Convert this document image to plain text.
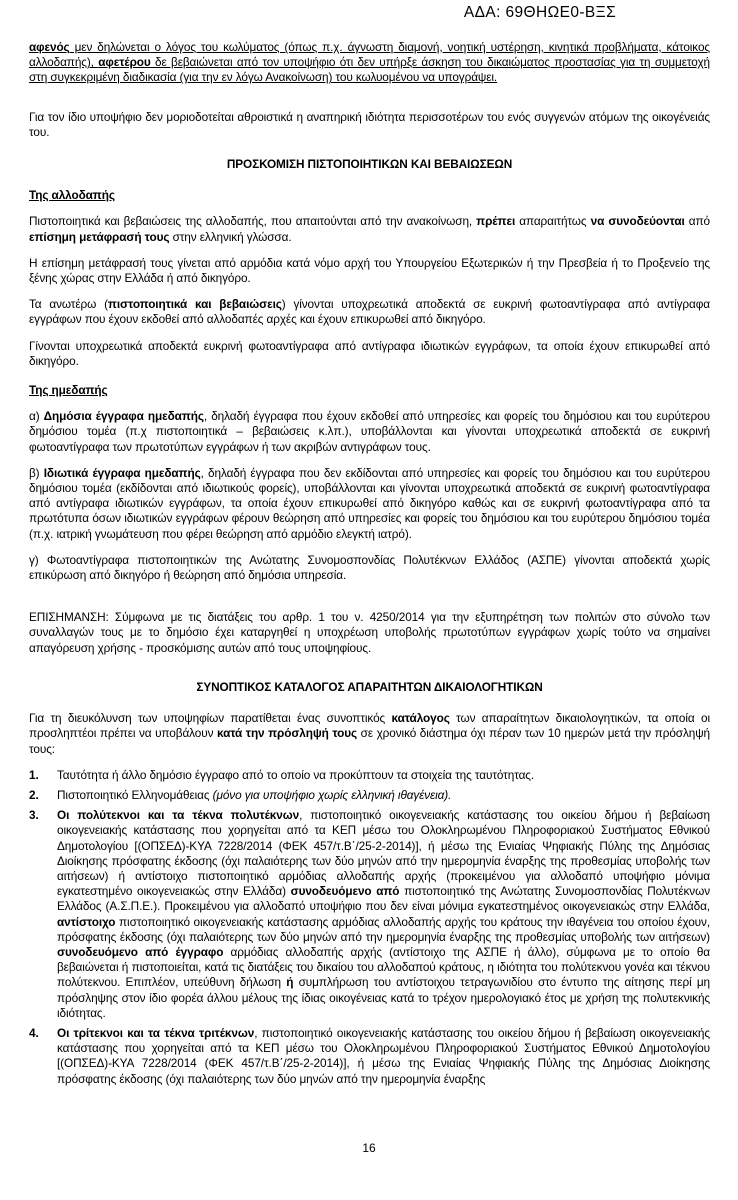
ΑΔΑ: 69ΘΗΩΕ0-ΒΞΣ
αφενός μεν δηλώνεται ο λόγος του κωλύματος (όπως π.χ. άγνωστη διαμονή, νοητική υστέρηση, κινητικά προβλήματα, κάτοικος αλλοδαπής), αφετέρου δε βεβαιώνεται από τον υποψήφιο ότι δεν υπήρξε άσκηση του δικαιώματος προστασίας για τη συμμετοχή στη συγκεκριμένη διαδικασία (για την εν λόγω Ανακοίνωση) του κωλυομένου να υπογράψει.
Για τον ίδιο υποψήφιο δεν μοριοδοτείται αθροιστικά η αναπηρική ιδιότητα περισσοτέρων του ενός συγγενών ατόμων της οικογένειάς του.
ΠΡΟΣΚΟΜΙΣΗ ΠΙΣΤΟΠΟΙΗΤΙΚΩΝ ΚΑΙ ΒΕΒΑΙΩΣΕΩΝ
Της αλλοδαπής
Πιστοποιητικά και βεβαιώσεις της αλλοδαπής, που απαιτούνται από την ανακοίνωση, πρέπει απαραιτήτως να συνοδεύονται από επίσημη μετάφρασή τους στην ελληνική γλώσσα.
Η επίσημη μετάφρασή τους γίνεται από αρμόδια κατά νόμο αρχή του Υπουργείου Εξωτερικών ή την Πρεσβεία ή το Προξενείο της ξένης χώρας στην Ελλάδα ή από δικηγόρο.
Τα ανωτέρω (πιστοποιητικά και βεβαιώσεις) γίνονται υποχρεωτικά αποδεκτά σε ευκρινή φωτοαντίγραφα από αντίγραφα εγγράφων που έχουν εκδοθεί από αλλοδαπές αρχές και έχουν επικυρωθεί από δικηγόρο.
Γίνονται υποχρεωτικά αποδεκτά ευκρινή φωτοαντίγραφα από αντίγραφα ιδιωτικών εγγράφων, τα οποία έχουν επικυρωθεί από δικηγόρο.
Της ημεδαπής
α) Δημόσια έγγραφα ημεδαπής, δηλαδή έγγραφα που έχουν εκδοθεί από υπηρεσίες και φορείς του δημόσιου και του ευρύτερου δημόσιου τομέα (π.χ πιστοποιητικά – βεβαιώσεις κ.λπ.), υποβάλλονται και γίνονται υποχρεωτικά αποδεκτά σε ευκρινή φωτοαντίγραφα των πρωτοτύπων εγγράφων ή των ακριβών αντιγράφων τους.
β) Ιδιωτικά έγγραφα ημεδαπής, δηλαδή έγγραφα που δεν εκδίδονται από υπηρεσίες και φορείς του δημόσιου και του ευρύτερου δημόσιου τομέα (εκδίδονται από ιδιωτικούς φορείς), υποβάλλονται και γίνονται υποχρεωτικά αποδεκτά σε ευκρινή φωτοαντίγραφα από αντίγραφα ιδιωτικών εγγράφων, τα οποία έχουν επικυρωθεί από δικηγόρο καθώς και σε ευκρινή φωτοαντίγραφα από τα πρωτότυπα όσων ιδιωτικών εγγράφων φέρουν θεώρηση από υπηρεσίες και φορείς του δημόσιου και του ευρύτερου δημόσιου τομέα (π.χ. ιατρική γνωμάτευση που φέρει θεώρηση από αρμόδιο ελεγκτή ιατρό).
γ) Φωτοαντίγραφα πιστοποιητικών της Ανώτατης Συνομοσπονδίας Πολυτέκνων Ελλάδος (ΑΣΠΕ) γίνονται αποδεκτά χωρίς επικύρωση από δικηγόρο ή θεώρηση από δημόσια υπηρεσία.
ΕΠΙΣΗΜΑΝΣΗ: Σύμφωνα με τις διατάξεις του αρθρ. 1 του ν. 4250/2014 για την εξυπηρέτηση των πολιτών στο σύνολο των συναλλαγών τους με το δημόσιο έχει καταργηθεί η υποχρέωση υποβολής πρωτοτύπων εγγράφων χωρίς τούτο να σημαίνει απαγόρευση χρήσης - προσκόμισης αυτών από τους υποψηφίους.
ΣΥΝΟΠΤΙΚΟΣ ΚΑΤΑΛΟΓΟΣ ΑΠΑΡΑΙΤΗΤΩΝ ΔΙΚΑΙΟΛΟΓΗΤΙΚΩΝ
Για τη διευκόλυνση των υποψηφίων παρατίθεται ένας συνοπτικός κατάλογος των απαραίτητων δικαιολογητικών, τα οποία οι προσληπτέοι πρέπει να υποβάλουν κατά την πρόσληψή τους σε χρονικό διάστημα όχι πέραν των 10 ημερών μετά την πρόσληψή τους:
1.	Ταυτότητα ή άλλο δημόσιο έγγραφο από το οποίο να προκύπτουν τα στοιχεία της ταυτότητας.
2.	Πιστοποιητικό Ελληνομάθειας (μόνο για υποψήφιο χωρίς ελληνική ιθαγένεια).
3.	Οι πολύτεκνοι και τα τέκνα πολυτέκνων, πιστοποιητικό οικογενειακής κατάστασης του οικείου δήμου ή βεβαίωση οικογενειακής κατάστασης που χορηγείται από τα ΚΕΠ μέσω του Ολοκληρωμένου Πληροφοριακού Συστήματος Εθνικού Δημοτολογίου [(ΟΠΣΕΔ)-ΚΥΑ 7228/2014 (ΦΕΚ 457/τ.Β΄/25-2-2014)], ή μέσω της Ενιαίας Ψηφιακής Πύλης της Δημόσιας Διοίκησης πρόσφατης έκδοσης (όχι παλαιότερης των δύο μηνών από την ημερομηνία έναρξης της προθεσμίας υποβολής των αιτήσεων) ή αντίστοιχο πιστοποιητικό αρμόδιας αλλοδαπής αρχής (προκειμένου για αλλοδαπό υποψήφιο μόνιμα εγκατεστημένο οικογενειακώς στην Ελλάδα) συνοδευόμενο από πιστοποιητικό της Ανώτατης Συνομοσπονδίας Πολυτέκνων Ελλάδος (Α.Σ.Π.Ε.). Προκειμένου για αλλοδαπό υποψήφιο που δεν είναι μόνιμα εγκατεστημένος οικογενειακώς στην Ελλάδα, αντίστοιχο πιστοποιητικό οικογενειακής κατάστασης αρμόδιας αλλοδαπής αρχής του κράτους την ιθαγένεια του οποίου έχουν, πρόσφατης έκδοσης (όχι παλαιότερης των δύο μηνών από την ημερομηνία έναρξης της προθεσμίας υποβολής των αιτήσεων) συνοδευόμενο από έγγραφο αρμόδιας αλλοδαπής αρχής (αντίστοιχο της ΑΣΠΕ ή άλλο), σύμφωνα με το οποίο θα βεβαιώνεται ή πιστοποιείται, κατά τις διατάξεις του δικαίου του αλλοδαπού κράτους, η ιδιότητα του πολύτεκνου γονέα και τέκνου πολύτεκνου. Επιπλέον, υπεύθυνη δήλωση ή συμπλήρωση του αντίστοιχου τετραγωνιδίου στο έντυπο της αίτησης περί μη πρόσληψης στον ίδιο φορέα άλλου μέλους της ίδιας οικογένειας κατά το τρέχον ημερολογιακό έτος με χρήση της πολυτεκνικής ιδιότητας.
4.	Οι τρίτεκνοι και τα τέκνα τριτέκνων, πιστοποιητικό οικογενειακής κατάστασης του οικείου δήμου ή βεβαίωση οικογενειακής κατάστασης που χορηγείται από τα ΚΕΠ μέσω του Ολοκληρωμένου Πληροφοριακού Συστήματος Εθνικού Δημοτολογίου [(ΟΠΣΕΔ)-ΚΥΑ 7228/2014 (ΦΕΚ 457/τ.Β΄/25-2-2014)], ή μέσω της Ενιαίας Ψηφιακής Πύλης της Δημόσιας Διοίκησης πρόσφατης έκδοσης (όχι παλαιότερης των δύο μηνών από την ημερομηνία έναρξης
16
